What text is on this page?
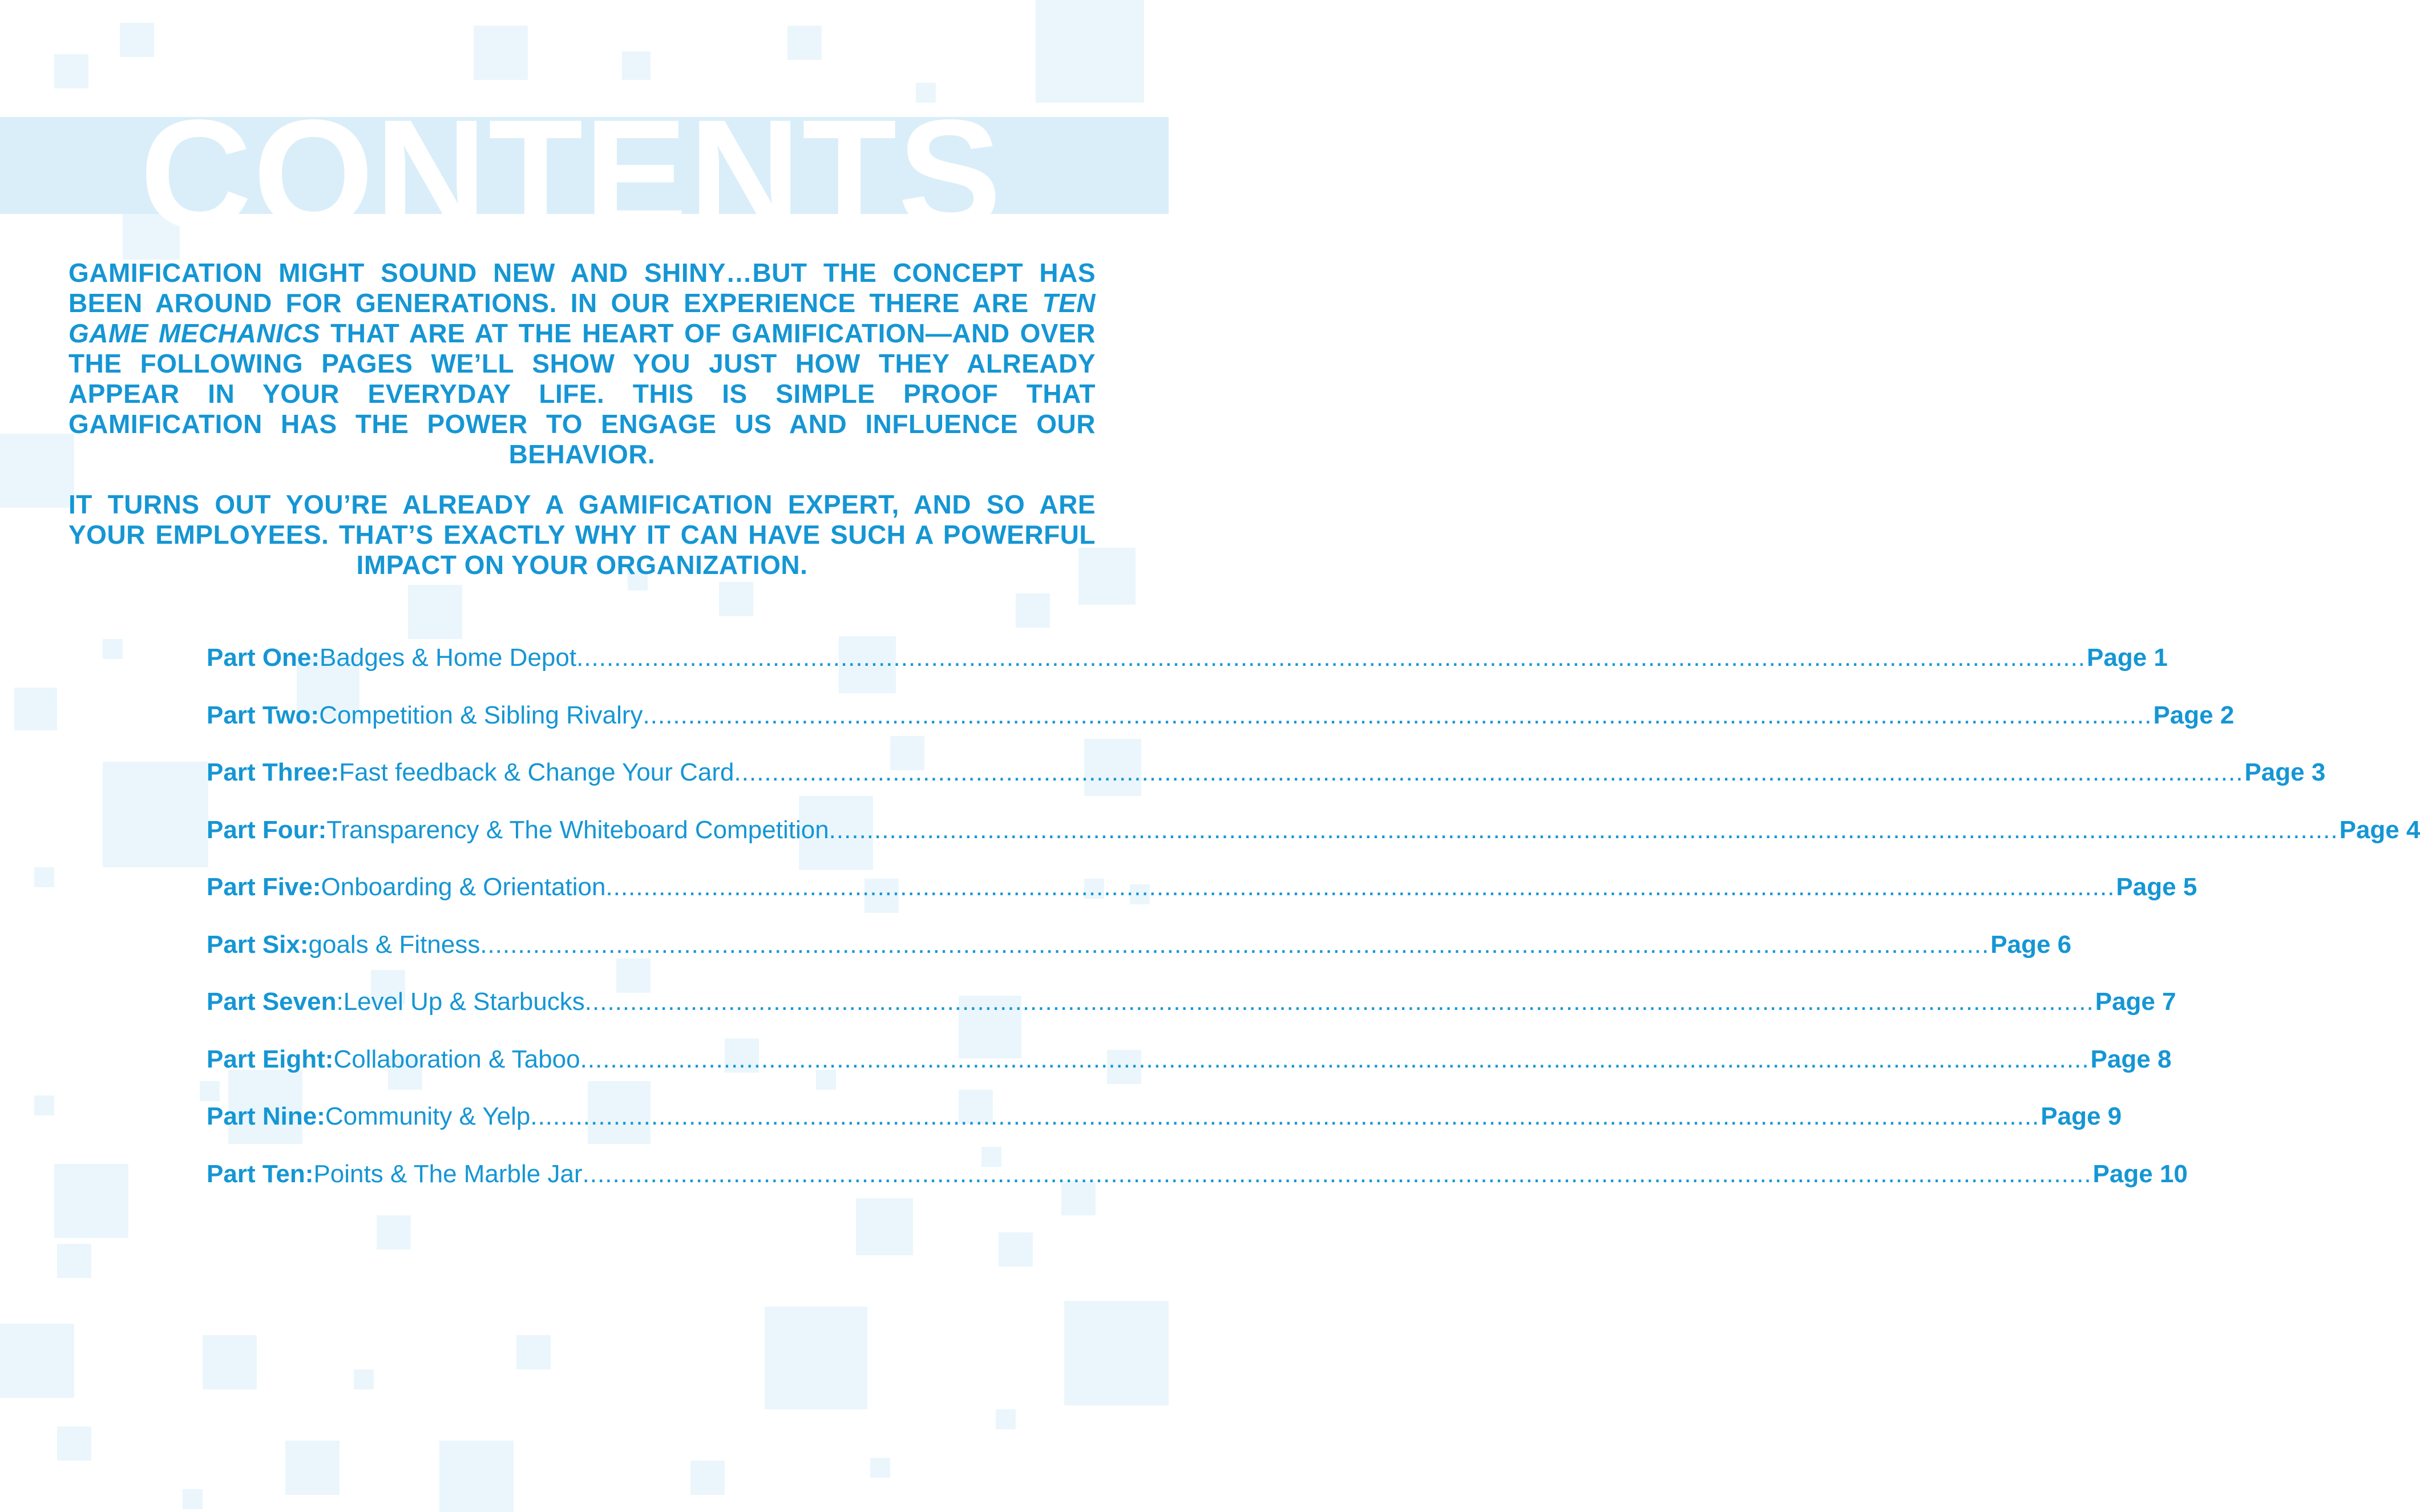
CONTENTS

GAMIFICATION MIGHT SOUND NEW AND SHINY…BUT THE CONCEPT HAS BEEN AROUND FOR GENERATIONS. IN OUR EXPERIENCE THERE ARE TEN GAME MECHANICS THAT ARE AT THE HEART OF GAMIFICATION—AND OVER THE FOLLOWING PAGES WE’LL SHOW YOU JUST HOW THEY ALREADY APPEAR IN YOUR EVERYDAY LIFE. THIS IS SIMPLE PROOF THAT GAMIFICATION HAS THE POWER TO ENGAGE US AND INFLUENCE OUR BEHAVIOR.

IT TURNS OUT YOU’RE ALREADY A GAMIFICATION EXPERT, AND SO ARE YOUR EMPLOYEES. THAT’S EXACTLY WHY IT CAN HAVE SUCH A POWERFUL IMPACT ON YOUR ORGANIZATION.

Part One: Badges & Home Depot ........................................................................................................................................................................................................ Page 1
Part Two: Competition & Sibling Rivalry ........................................................................................................................................................................................................ Page 2
Part Three: Fast feedback & Change Your Card ........................................................................................................................................................................................................ Page 3
Part Four: Transparency & The Whiteboard Competition ........................................................................................................................................................................................................ Page 4
Part Five: Onboarding & Orientation ........................................................................................................................................................................................................ Page 5
Part Six: goals & Fitness ........................................................................................................................................................................................................ Page 6
Part Seven : Level Up & Starbucks ........................................................................................................................................................................................................ Page 7
Part Eight: Collaboration & Taboo ........................................................................................................................................................................................................ Page 8
Part Nine: Community & Yelp ........................................................................................................................................................................................................ Page 9
Part Ten: Points & The Marble Jar ........................................................................................................................................................................................................ Page 10
